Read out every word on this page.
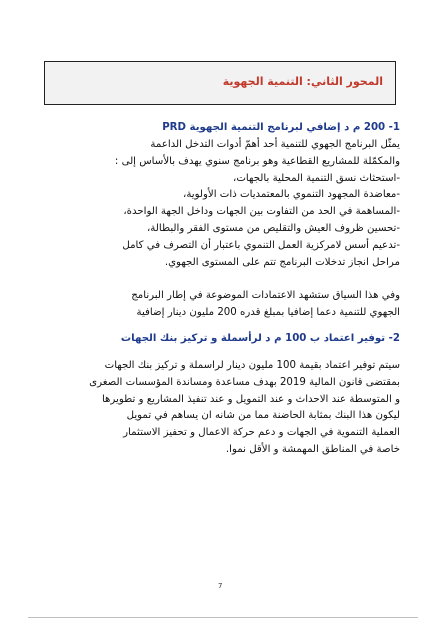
المحور الثاني: التنمية الجهوية
1- 200 م د إضافي لبرنامج التنمية الجهوية PRD
يمثّل البرنامج الجهوي للتنمية أحد أهمّ أدوات التدخل الداعمة
والمكمّلة للمشاريع القطاعية وهو برنامج سنوي يهدف بالأساس إلى :
-استحثاث نسق التنمية المحلية بالجهات،
-معاضدة المجهود التنموي بالمعتمديات ذات الأولوية،
-المساهمة في الحد من التفاوت بين الجهات وداخل الجهة الواحدة،
-تحسين ظروف العيش والتقليص من مستوى الفقر والبطالة،
-تدعيم أسس لامركزية العمل التنموي باعتبار أن التصرف في كامل
مراحل انجاز تدخلات البرنامج تتم على المستوى الجهوي.
وفي هذا السياق ستشهد الاعتمادات الموضوعة في إطار البرنامج
الجهوي للتنمية دعما إضافيا بمبلغ قدره 200 مليون دينار إضافية
2- توفير اعتماد ب 100 م د لرأسملة و تركيز بنك الجهات
سيتم توفير اعتماد بقيمة 100 مليون دينار لراسملة و تركيز بنك الجهات
بمقتضى قانون المالية 2019 بهدف مساعدة ومساندة المؤسسات الصغرى
و المتوسطة عند الاحداث و عند التمويل و عند تنفيذ المشاريع و تطويرها
ليكون هذا البنك بمثابة الحاضنة مما من شانه ان يساهم في تمويل
العملية التنموية في الجهات و دعم حركة الاعمال و تحفيز الاستثمار
خاصة في المناطق المهمشة و الأقل نموا.
7
